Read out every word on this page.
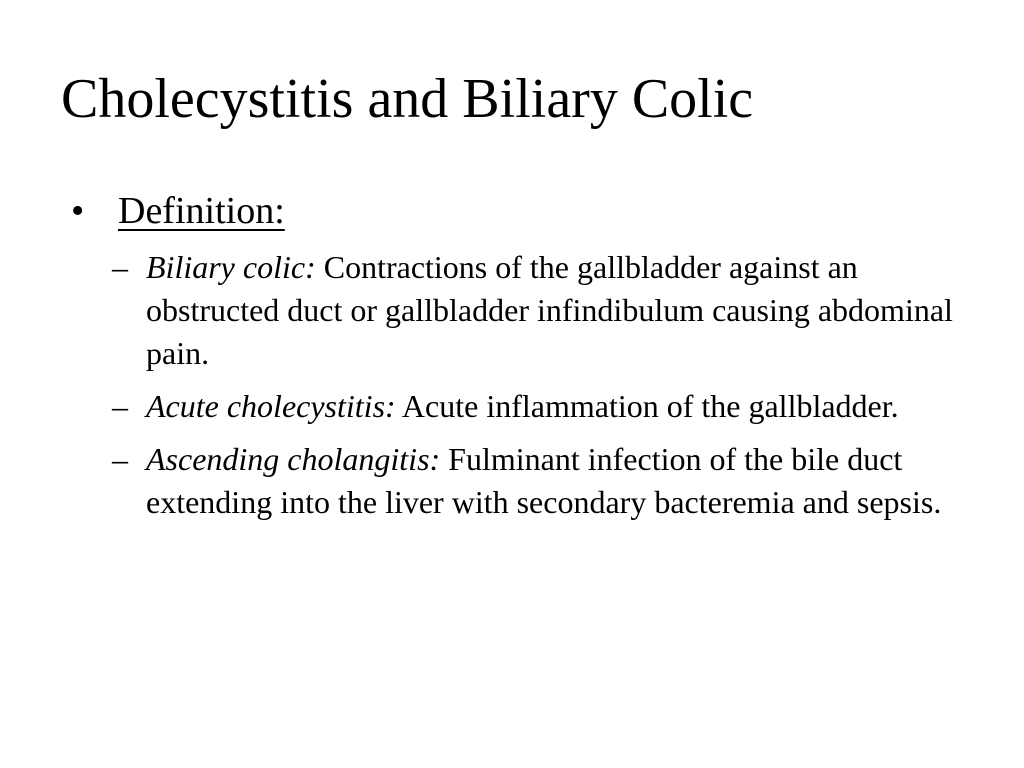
Cholecystitis and Biliary Colic
• Definition:
– Biliary colic: Contractions of the gallbladder against an obstructed duct or gallbladder infindibulum causing abdominal pain.
– Acute cholecystitis: Acute inflammation of the gallbladder.
– Ascending cholangitis: Fulminant infection of the bile duct extending into the liver with secondary bacteremia and sepsis.
